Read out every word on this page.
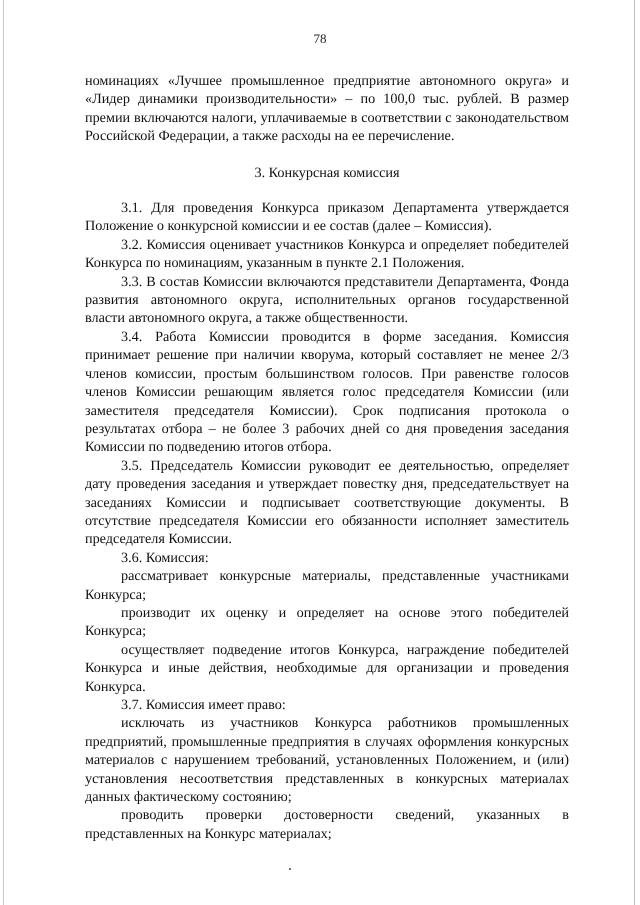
78

номинациях «Лучшее промышленное предприятие автономного округа» и «Лидер динамики производительности» – по 100,0 тыс. рублей. В размер премии включаются налоги, уплачиваемые в соответствии с законодательством Российской Федерации, а также расходы на ее перечисление.

3. Конкурсная комиссия

3.1. Для проведения Конкурса приказом Департамента утверждается Положение о конкурсной комиссии и ее состав (далее – Комиссия).

3.2. Комиссия оценивает участников Конкурса и определяет победителей Конкурса по номинациям, указанным в пункте 2.1 Положения.

3.3. В состав Комиссии включаются представители Департамента, Фонда развития автономного округа, исполнительных органов государственной власти автономного округа, а также общественности.

3.4. Работа Комиссии проводится в форме заседания. Комиссия принимает решение при наличии кворума, который составляет не менее 2/3 членов комиссии, простым большинством голосов. При равенстве голосов членов Комиссии решающим является голос председателя Комиссии (или заместителя председателя Комиссии). Срок подписания протокола о результатах отбора – не более 3 рабочих дней со дня проведения заседания Комиссии по подведению итогов отбора.

3.5. Председатель Комиссии руководит ее деятельностью, определяет дату проведения заседания и утверждает повестку дня, председательствует на заседаниях Комиссии и подписывает соответствующие документы. В отсутствие председателя Комиссии его обязанности исполняет заместитель председателя Комиссии.

3.6. Комиссия:

рассматривает конкурсные материалы, представленные участниками Конкурса;

производит их оценку и определяет на основе этого победителей Конкурса;

осуществляет подведение итогов Конкурса, награждение победителей Конкурса и иные действия, необходимые для организации и проведения Конкурса.

3.7. Комиссия имеет право:

исключать из участников Конкурса работников промышленных предприятий, промышленные предприятия в случаях оформления конкурсных материалов с нарушением требований, установленных Положением, и (или) установления несоответствия представленных в конкурсных материалах данных фактическому состоянию;

проводить проверки достоверности сведений, указанных в представленных на Конкурс материалах;
